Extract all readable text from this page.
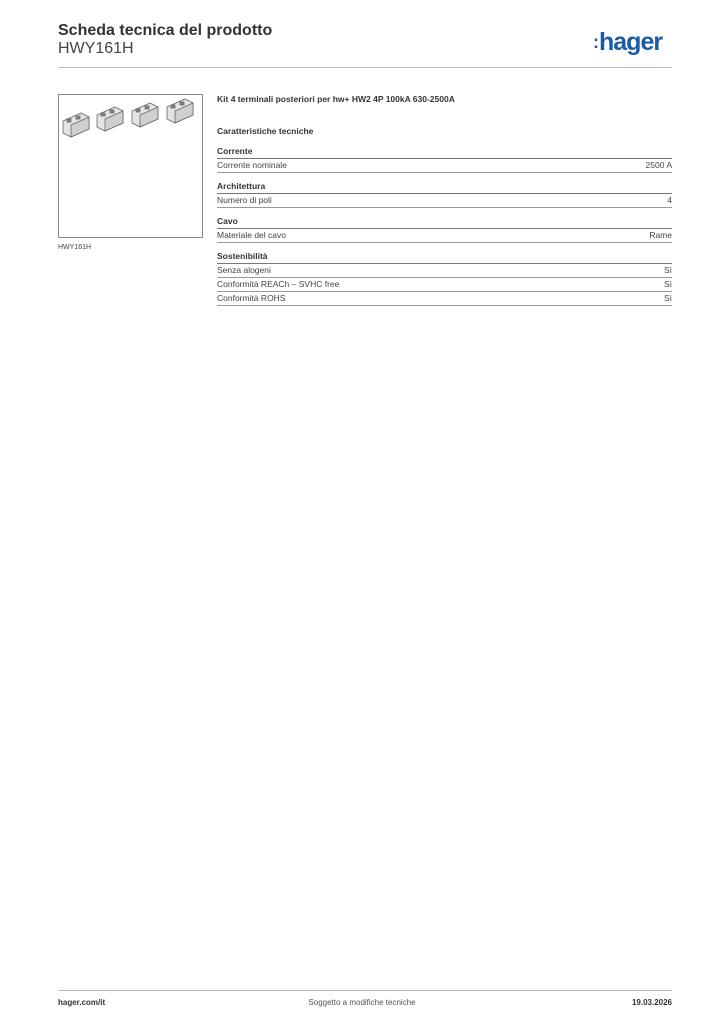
Scheda tecnica del prodotto
HWY161H	:hager
HWY161H
Kit 4 terminali posteriori per hw+ HW2 4P 100kA 630-2500A
Caratteristiche tecniche
Corrente
Corrente nominale	2500 A
Architettura
Numero di poli	4
Cavo
Materiale del cavo	Rame
Sostenibilità
Senza alogeni	Sì
Conformità REACh – SVHC free	Sì
Conformità ROHS	Sì
hager.com/it	Soggetto a modifiche tecniche	19.03.2026
